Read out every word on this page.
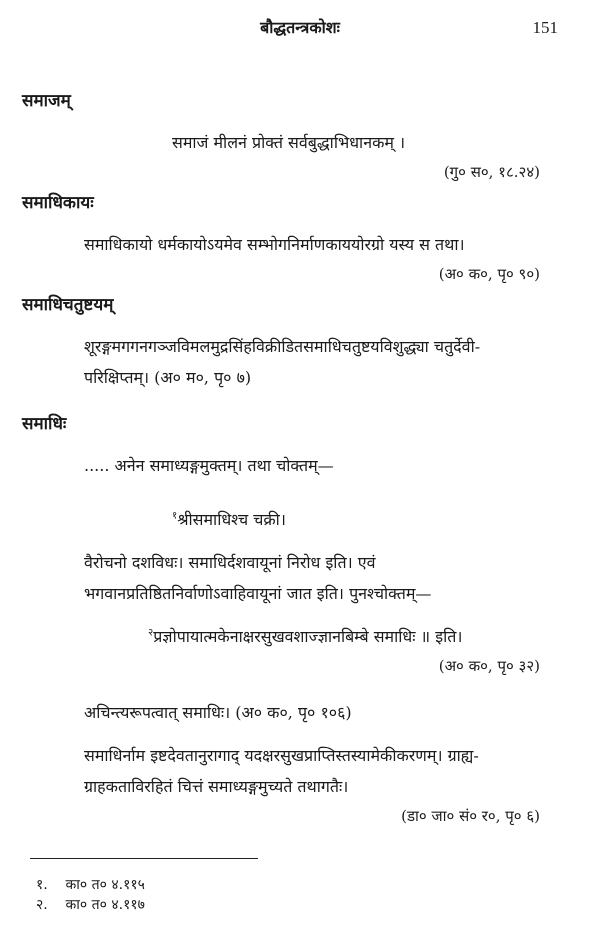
बौद्धतन्त्रकोशः	151
समाजम्
समाजं मीलनं प्रोक्तं सर्वबुद्धाभिधानकम् ।
(गु० स०, १८.२४)
समाधिकायः
समाधिकायो धर्मकायोऽयमेव सम्भोगनिर्माणकाययोरग्रो यस्य स तथा।
(अ० क०, पृ० ९०)
समाधिचतुष्टयम्
शूरङ्गमगगनगञ्जविमलमुद्रसिंहविक्रीडितसमाधिचतुष्टयविशुद्ध्या चतुर्देवी-
परिक्षिप्तम्। (अ० म०, पृ० ७)
समाधिः
..... अनेन समाध्यङ्गमुक्तम्। तथा चोक्तम्—
$^१$श्रीसमाधिश्च चक्री।
वैरोचनो दशविधः। समाधिर्दशवायूनां निरोध इति। एवं
भगवानप्रतिष्ठितनिर्वाणोऽवाहिवायूनां जात इति। पुनश्चोक्तम्—
$^२$प्रज्ञोपायात्मकेनाक्षरसुखवशाज्ज्ञानबिम्बे समाधिः ॥ इति।
(अ० क०, पृ० ३२)
अचिन्त्यरूपत्वात् समाधिः। (अ० क०, पृ० १०६)
समाधिर्नाम इष्टदेवतानुरागाद् यदक्षरसुखप्राप्तिस्तस्यामेकीकरणम्। ग्राह्य-
ग्राहकताविरहितं चित्तं समाध्यङ्गमुच्यते तथागतैः।
(डा० जा० सं० र०, पृ० ६)
१. का० त० ४.११५
२. का० त० ४.११७
